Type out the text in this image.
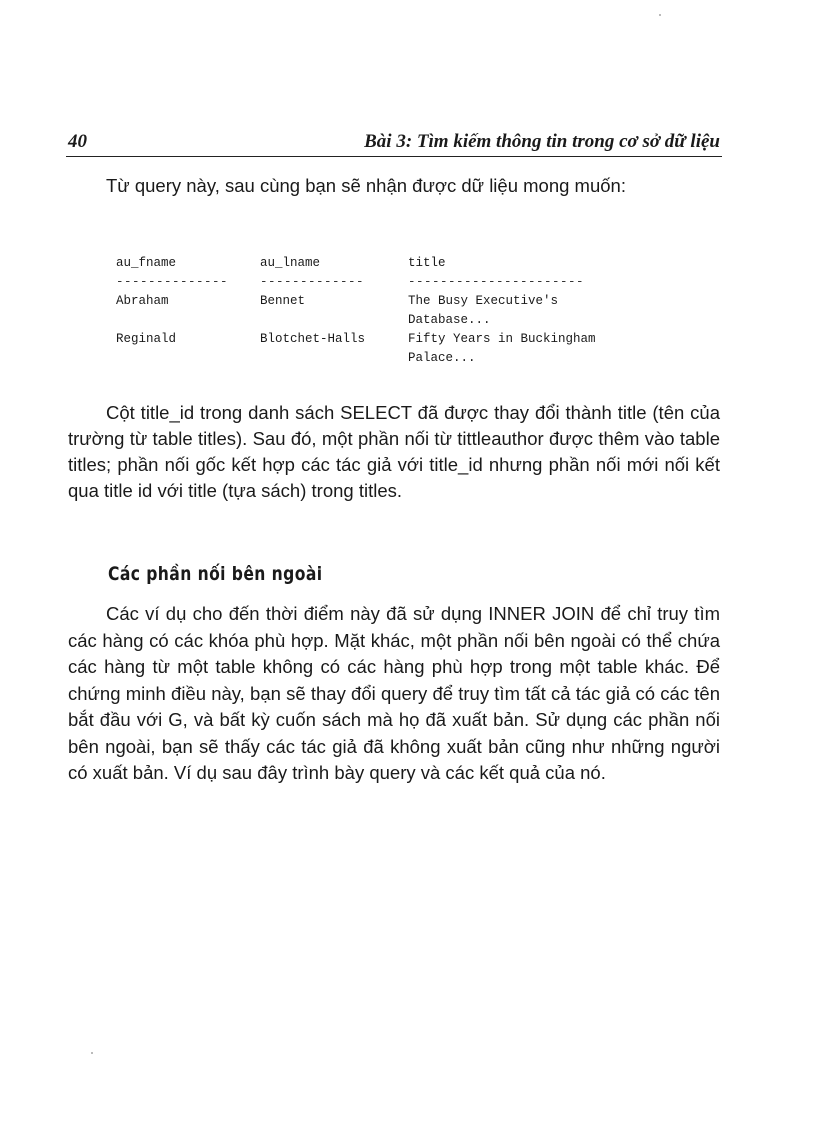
40	Bài 3: Tìm kiếm thông tin trong cơ sở dữ liệu

Từ query này, sau cùng bạn sẽ nhận được dữ liệu mong muốn:

au_fname	au_lname	title
--------------	-------------	----------------------
Abraham	Bennet	The Busy Executive's
Database...

Reginald	Blotchet-Halls	Fifty Years in Buckingham
Palace...

Cột title_id trong danh sách SELECT đã được thay đổi thành title (tên của trường từ table titles). Sau đó, một phần nối từ tittleauthor được thêm vào table titles; phần nối gốc kết hợp các tác giả với title_id nhưng phần nối mới nối kết qua title id với title (tựa sách) trong titles.

Các phần nối bên ngoài

Các ví dụ cho đến thời điểm này đã sử dụng INNER JOIN để chỉ truy tìm các hàng có các khóa phù hợp. Mặt khác, một phần nối bên ngoài có thể chứa các hàng từ một table không có các hàng phù hợp trong một table khác. Để chứng minh điều này, bạn sẽ thay đổi query để truy tìm tất cả tác giả có các tên bắt đầu với G, và bất kỳ cuốn sách mà họ đã xuất bản. Sử dụng các phần nối bên ngoài, bạn sẽ thấy các tác giả đã không xuất bản cũng như những người có xuất bản. Ví dụ sau đây trình bày query và các kết quả của nó.
